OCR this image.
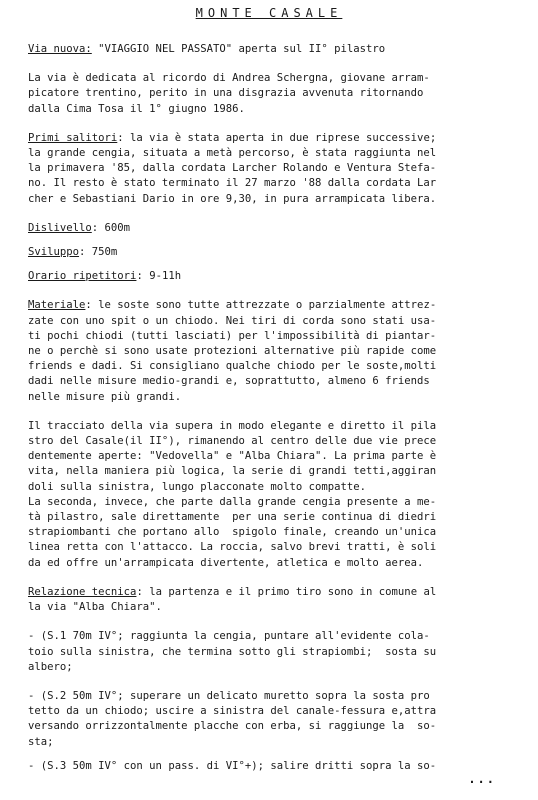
MONTE CASALE
Via nuova: "VIAGGIO NEL PASSATO" aperta sul II° pilastro
La via è dedicata al ricordo di Andrea Schergna, giovane arram-
picatore trentino, perito in una disgrazia avvenuta ritornando
dalla Cima Tosa il 1° giugno 1986.
Primi salitori: la via è stata aperta in due riprese successive;
la grande cengia, situata a metà percorso, è stata raggiunta nel
la primavera '85, dalla cordata Larcher Rolando e Ventura Stefa-
no. Il resto è stato terminato il 27 marzo '88 dalla cordata Lar
cher e Sebastiani Dario in ore 9,30, in pura arrampicata libera.
Dislivello: 600m
Sviluppo: 750m
Orario ripetitori: 9-11h
Materiale: le soste sono tutte attrezzate o parzialmente attrez-
zate con uno spit o un chiodo. Nei tiri di corda sono stati usa-
ti pochi chiodi (tutti lasciati) per l'impossibilità di piantar-
ne o perchè si sono usate protezioni alternative più rapide come
friends e dadi. Si consigliano qualche chiodo per le soste,molti
dadi nelle misure medio-grandi e, soprattutto, almeno 6 friends
nelle misure più grandi.
Il tracciato della via supera in modo elegante e diretto il pila
stro del Casale(il II°), rimanendo al centro delle due vie prece
dentemente aperte: "Vedovella" e "Alba Chiara". La prima parte è
vita, nella maniera più logica, la serie di grandi tetti,aggiran
doli sulla sinistra, lungo placconate molto compatte.
La seconda, invece, che parte dalla grande cengia presente a me-
tà pilastro, sale direttamente  per una serie continua di diedri
strapiombanti che portano allo  spigolo finale, creando un'unica
linea retta con l'attacco. La roccia, salvo brevi tratti, è soli
da ed offre un'arrampicata divertente, atletica e molto aerea.
Relazione tecnica: la partenza e il primo tiro sono in comune al
la via "Alba Chiara".
- (S.1 70m IV°; raggiunta la cengia, puntare all'evidente cola-
toio sulla sinistra, che termina sotto gli strapiombi;  sosta su
albero;
- (S.2 50m IV°; superare un delicato muretto sopra la sosta pro
tetto da un chiodo; uscire a sinistra del canale-fessura e,attra
versando orrizzontalmente placche con erba, si raggiunge la  so-
sta;
- (S.3 50m IV° con un pass. di VI°+); salire dritti sopra la so-
...
